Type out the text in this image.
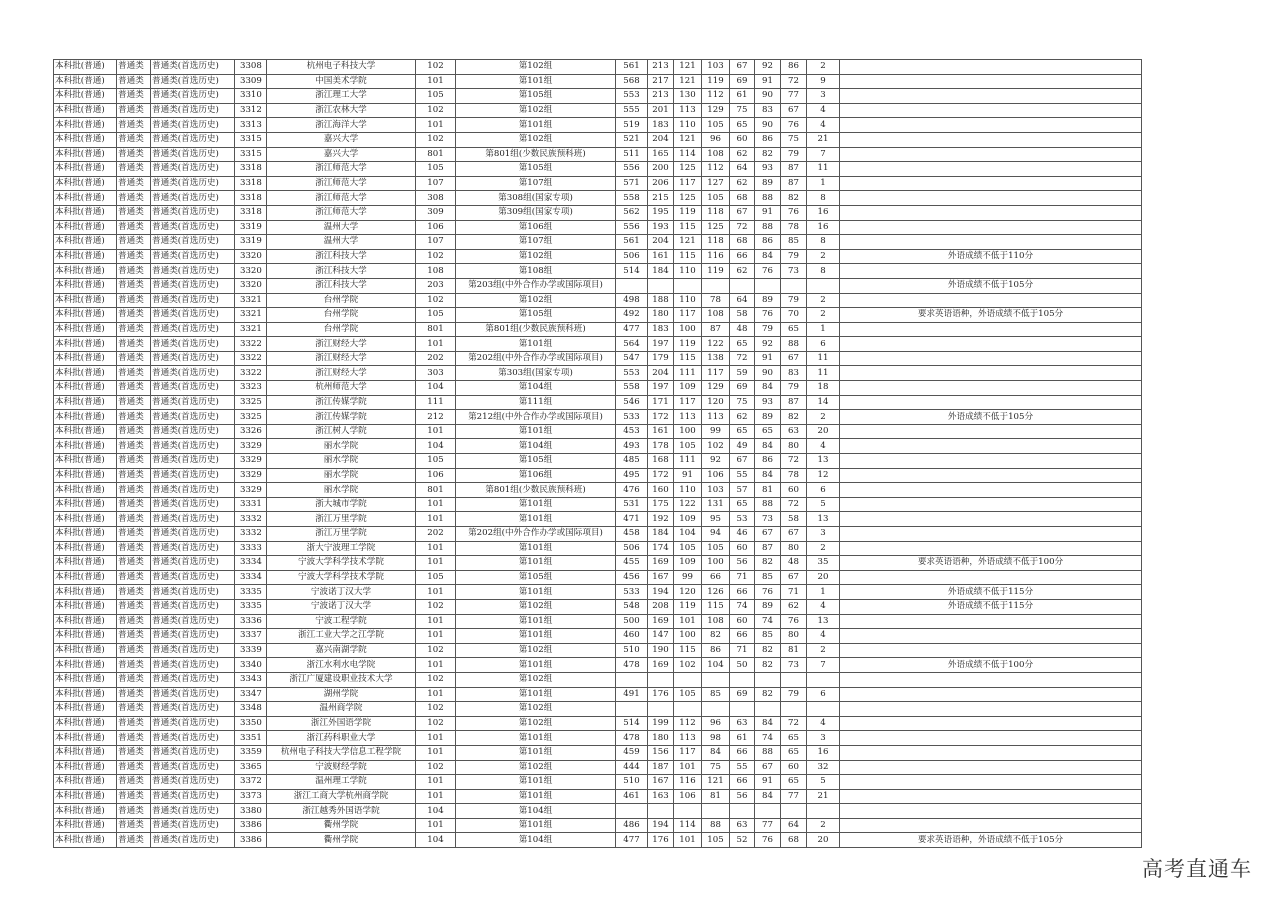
本科批(普通)	普通类	普通类(首选历史)	3308	杭州电子科技大学	102	第102组	561	213	121	103	67	92	86	2	
本科批(普通)	普通类	普通类(首选历史)	3309	中国美术学院	101	第101组	568	217	121	119	69	91	72	9	
本科批(普通)	普通类	普通类(首选历史)	3310	浙江理工大学	105	第105组	553	213	130	112	61	90	77	3	
本科批(普通)	普通类	普通类(首选历史)	3312	浙江农林大学	102	第102组	555	201	113	129	75	83	67	4	
本科批(普通)	普通类	普通类(首选历史)	3313	浙江海洋大学	101	第101组	519	183	110	105	65	90	76	4	
本科批(普通)	普通类	普通类(首选历史)	3315	嘉兴大学	102	第102组	521	204	121	96	60	86	75	21	
本科批(普通)	普通类	普通类(首选历史)	3315	嘉兴大学	801	第801组(少数民族预科班)	511	165	114	108	62	82	79	7	
本科批(普通)	普通类	普通类(首选历史)	3318	浙江师范大学	105	第105组	556	200	125	112	64	93	87	11	
本科批(普通)	普通类	普通类(首选历史)	3318	浙江师范大学	107	第107组	571	206	117	127	62	89	87	1	
本科批(普通)	普通类	普通类(首选历史)	3318	浙江师范大学	308	第308组(国家专项)	558	215	125	105	68	88	82	8	
本科批(普通)	普通类	普通类(首选历史)	3318	浙江师范大学	309	第309组(国家专项)	562	195	119	118	67	91	76	16	
本科批(普通)	普通类	普通类(首选历史)	3319	温州大学	106	第106组	556	193	115	125	72	88	78	16	
本科批(普通)	普通类	普通类(首选历史)	3319	温州大学	107	第107组	561	204	121	118	68	86	85	8	
本科批(普通)	普通类	普通类(首选历史)	3320	浙江科技大学	102	第102组	506	161	115	116	66	84	79	2	外语成绩不低于110分
本科批(普通)	普通类	普通类(首选历史)	3320	浙江科技大学	108	第108组	514	184	110	119	62	76	73	8	
本科批(普通)	普通类	普通类(首选历史)	3320	浙江科技大学	203	第203组(中外合作办学或国际项目)									外语成绩不低于105分
本科批(普通)	普通类	普通类(首选历史)	3321	台州学院	102	第102组	498	188	110	78	64	89	79	2	
本科批(普通)	普通类	普通类(首选历史)	3321	台州学院	105	第105组	492	180	117	108	58	76	70	2	要求英语语种，外语成绩不低于105分
本科批(普通)	普通类	普通类(首选历史)	3321	台州学院	801	第801组(少数民族预科班)	477	183	100	87	48	79	65	1	
本科批(普通)	普通类	普通类(首选历史)	3322	浙江财经大学	101	第101组	564	197	119	122	65	92	88	6	
本科批(普通)	普通类	普通类(首选历史)	3322	浙江财经大学	202	第202组(中外合作办学或国际项目)	547	179	115	138	72	91	67	11	
本科批(普通)	普通类	普通类(首选历史)	3322	浙江财经大学	303	第303组(国家专项)	553	204	111	117	59	90	83	11	
本科批(普通)	普通类	普通类(首选历史)	3323	杭州师范大学	104	第104组	558	197	109	129	69	84	79	18	
本科批(普通)	普通类	普通类(首选历史)	3325	浙江传媒学院	111	第111组	546	171	117	120	75	93	87	14	
本科批(普通)	普通类	普通类(首选历史)	3325	浙江传媒学院	212	第212组(中外合作办学或国际项目)	533	172	113	113	62	89	82	2	外语成绩不低于105分
本科批(普通)	普通类	普通类(首选历史)	3326	浙江树人学院	101	第101组	453	161	100	99	65	65	63	20	
本科批(普通)	普通类	普通类(首选历史)	3329	丽水学院	104	第104组	493	178	105	102	49	84	80	4	
本科批(普通)	普通类	普通类(首选历史)	3329	丽水学院	105	第105组	485	168	111	92	67	86	72	13	
本科批(普通)	普通类	普通类(首选历史)	3329	丽水学院	106	第106组	495	172	91	106	55	84	78	12	
本科批(普通)	普通类	普通类(首选历史)	3329	丽水学院	801	第801组(少数民族预科班)	476	160	110	103	57	81	60	6	
本科批(普通)	普通类	普通类(首选历史)	3331	浙大城市学院	101	第101组	531	175	122	131	65	88	72	5	
本科批(普通)	普通类	普通类(首选历史)	3332	浙江万里学院	101	第101组	471	192	109	95	53	73	58	13	
本科批(普通)	普通类	普通类(首选历史)	3332	浙江万里学院	202	第202组(中外合作办学或国际项目)	458	184	104	94	46	67	67	3	
本科批(普通)	普通类	普通类(首选历史)	3333	浙大宁波理工学院	101	第101组	506	174	105	105	60	87	80	2	
本科批(普通)	普通类	普通类(首选历史)	3334	宁波大学科学技术学院	101	第101组	455	169	109	100	56	82	48	35	要求英语语种，外语成绩不低于100分
本科批(普通)	普通类	普通类(首选历史)	3334	宁波大学科学技术学院	105	第105组	456	167	99	66	71	85	67	20	
本科批(普通)	普通类	普通类(首选历史)	3335	宁波诺丁汉大学	101	第101组	533	194	120	126	66	76	71	1	外语成绩不低于115分
本科批(普通)	普通类	普通类(首选历史)	3335	宁波诺丁汉大学	102	第102组	548	208	119	115	74	89	62	4	外语成绩不低于115分
本科批(普通)	普通类	普通类(首选历史)	3336	宁波工程学院	101	第101组	500	169	101	108	60	74	76	13	
本科批(普通)	普通类	普通类(首选历史)	3337	浙江工业大学之江学院	101	第101组	460	147	100	82	66	85	80	4	
本科批(普通)	普通类	普通类(首选历史)	3339	嘉兴南湖学院	102	第102组	510	190	115	86	71	82	81	2	
本科批(普通)	普通类	普通类(首选历史)	3340	浙江水利水电学院	101	第101组	478	169	102	104	50	82	73	7	外语成绩不低于100分
本科批(普通)	普通类	普通类(首选历史)	3343	浙江广厦建设职业技术大学	102	第102组									
本科批(普通)	普通类	普通类(首选历史)	3347	湖州学院	101	第101组	491	176	105	85	69	82	79	6	
本科批(普通)	普通类	普通类(首选历史)	3348	温州商学院	102	第102组									
本科批(普通)	普通类	普通类(首选历史)	3350	浙江外国语学院	102	第102组	514	199	112	96	63	84	72	4	
本科批(普通)	普通类	普通类(首选历史)	3351	浙江药科职业大学	101	第101组	478	180	113	98	61	74	65	3	
本科批(普通)	普通类	普通类(首选历史)	3359	杭州电子科技大学信息工程学院	101	第101组	459	156	117	84	66	88	65	16	
本科批(普通)	普通类	普通类(首选历史)	3365	宁波财经学院	102	第102组	444	187	101	75	55	67	60	32	
本科批(普通)	普通类	普通类(首选历史)	3372	温州理工学院	101	第101组	510	167	116	121	66	91	65	5	
本科批(普通)	普通类	普通类(首选历史)	3373	浙江工商大学杭州商学院	101	第101组	461	163	106	81	56	84	77	21	
本科批(普通)	普通类	普通类(首选历史)	3380	浙江越秀外国语学院	104	第104组									
本科批(普通)	普通类	普通类(首选历史)	3386	衢州学院	101	第101组	486	194	114	88	63	77	64	2	
本科批(普通)	普通类	普通类(首选历史)	3386	衢州学院	104	第104组	477	176	101	105	52	76	68	20	要求英语语种，外语成绩不低于105分
高考直通车
